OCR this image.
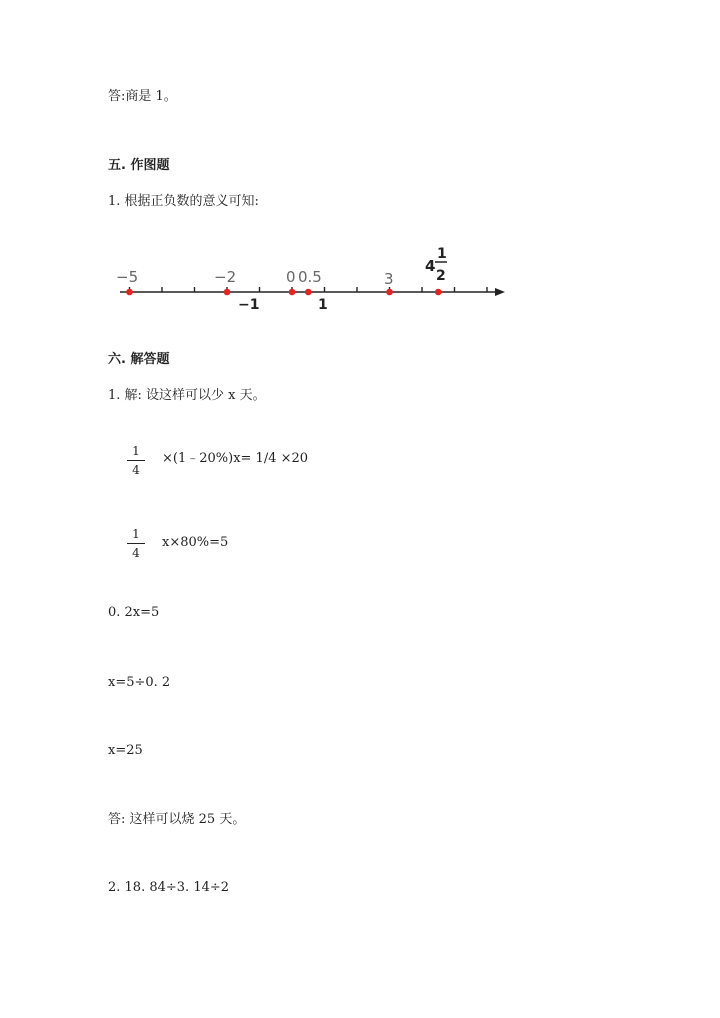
答:商是 1。
五. 作图题
1. 根据正负数的意义可知:
−5	−2	0 0.5	3
4
1
2
−1	1
六. 解答题
1. 解: 设这样可以少 x 天。
1
4
×(1﹣20%)x= 1/4 ×20
1
4
x×80%=5
0. 2x=5
x=5÷0. 2
x=25
答: 这样可以烧 25 天。
2. 18. 84÷3. 14÷2
